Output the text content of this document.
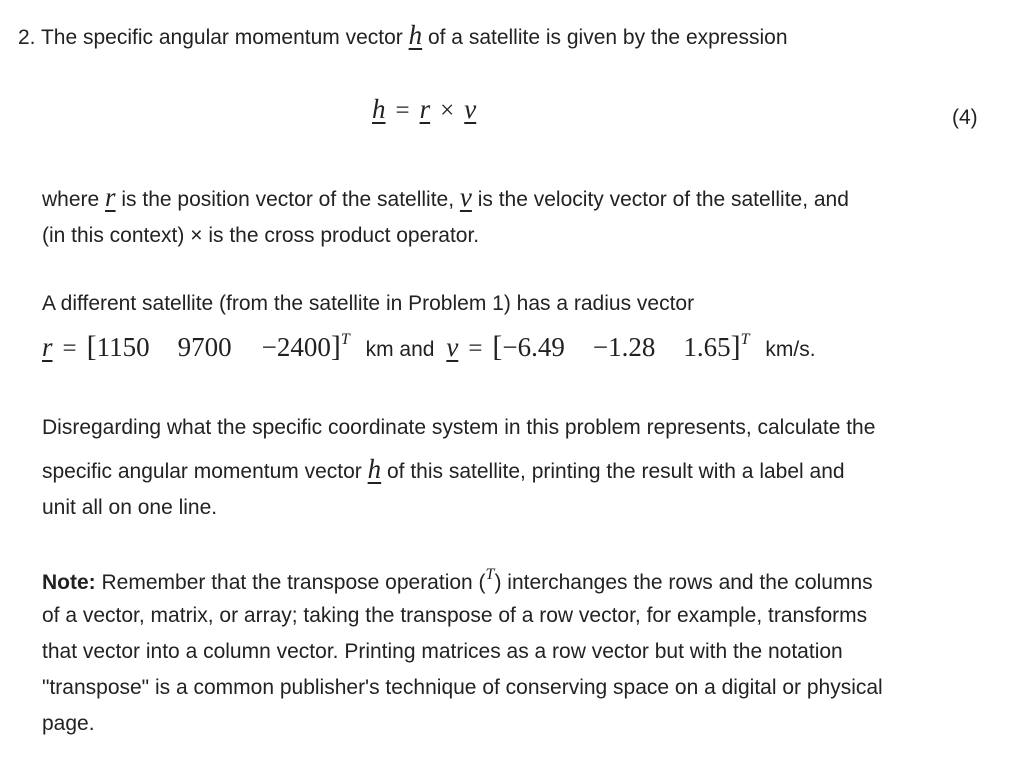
2. The specific angular momentum vector h of a satellite is given by the expression
h = r × v	(4)
where r is the position vector of the satellite, v is the velocity vector of the satellite, and
(in this context) × is the cross product operator.
A different satellite (from the satellite in Problem 1) has a radius vector
r = [1150 9700 −2400]$^T$ km and v = [−6.49 −1.28 1.65]$^T$ km/s.
Disregarding what the specific coordinate system in this problem represents, calculate the
specific angular momentum vector h of this satellite, printing the result with a label and
unit all on one line.
Note: Remember that the transpose operation ($^T$) interchanges the rows and the columns
of a vector, matrix, or array; taking the transpose of a row vector, for example, transforms
that vector into a column vector. Printing matrices as a row vector but with the notation
"transpose" is a common publisher's technique of conserving space on a digital or physical
page.
